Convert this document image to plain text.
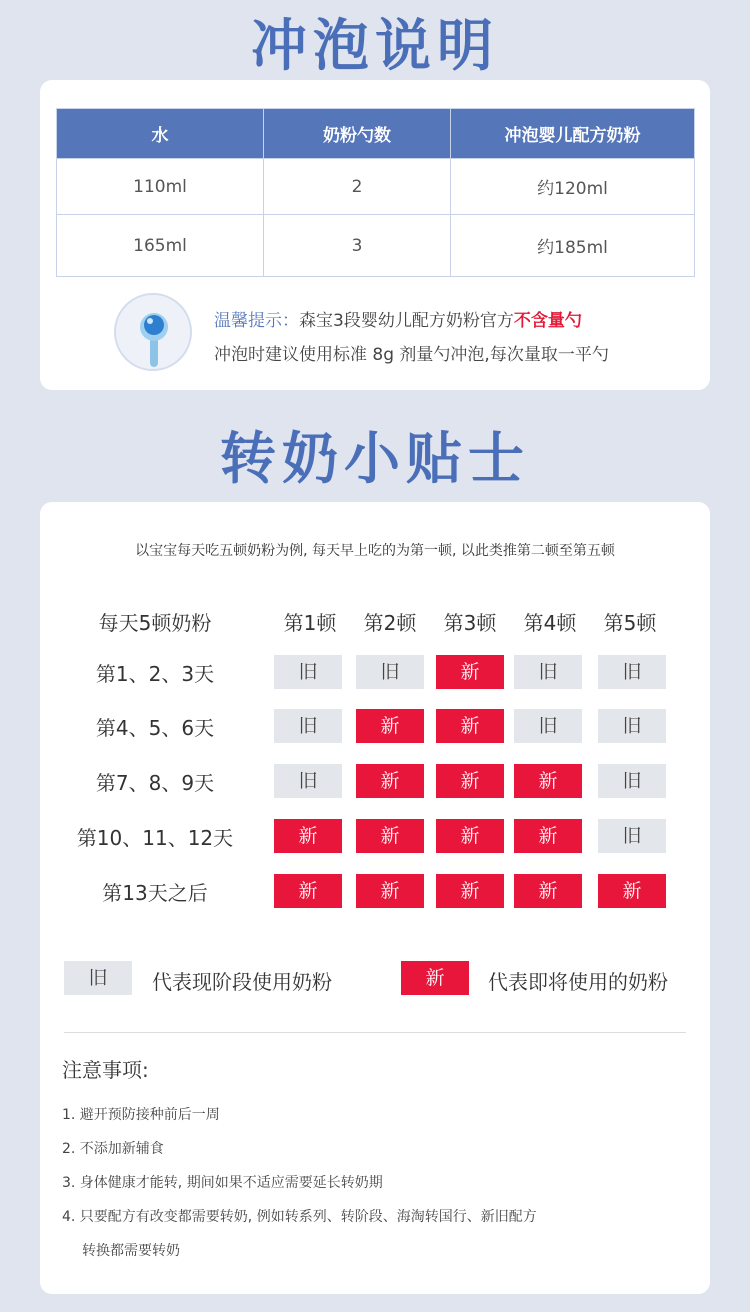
冲泡说明
水	奶粉勺数	冲泡婴儿配方奶粉
110ml	2	约120ml
165ml	3	约185ml
温馨提示：森宝3段婴幼儿配方奶粉官方不含量勺
冲泡时建议使用标准 8g 剂量勺冲泡,每次量取一平勺
转奶小贴士
以宝宝每天吃五顿奶粉为例, 每天早上吃的为第一顿, 以此类推第二顿至第五顿
每天5顿奶粉	第1顿	第2顿	第3顿	第4顿	第5顿
第1、2、3天	旧	旧	新	旧	旧
第4、5、6天	旧	新	新	旧	旧
第7、8、9天	旧	新	新	新	旧
第10、11、12天	新	新	新	新	旧
第13天之后	新	新	新	新	新
旧	代表现阶段使用奶粉	新	代表即将使用的奶粉
注意事项:
1. 避开预防接种前后一周
2. 不添加新辅食
3. 身体健康才能转, 期间如果不适应需要延长转奶期
4. 只要配方有改变都需要转奶, 例如转系列、转阶段、海淘转国行、新旧配方
转换都需要转奶
